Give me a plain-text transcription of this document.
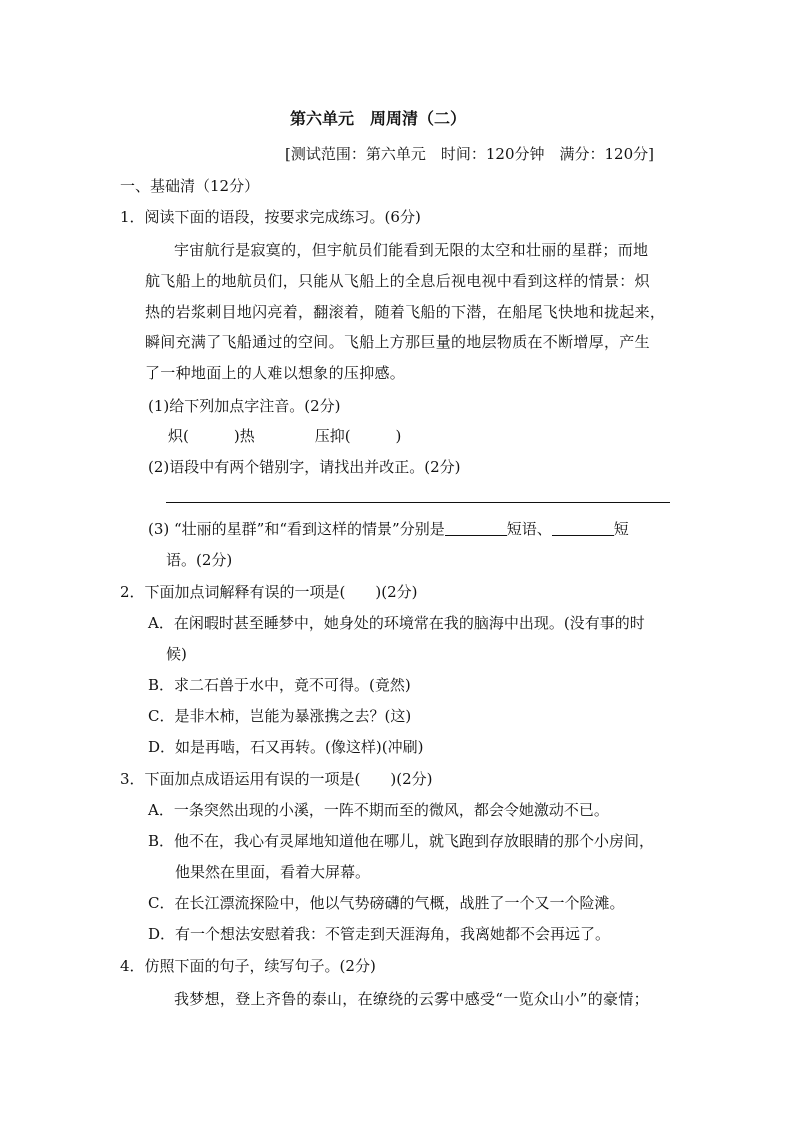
第六单元　周周清（二）
[测试范围：第六单元　时间：120分钟　满分：120分]
一、基础清（12分）
1．阅读下面的语段，按要求完成练习。(6分)
宇宙航行是寂寞的，但宇航员们能看到无限的太空和壮丽的星群；而地
航飞船上的地航员们，只能从飞船上的全息后视电视中看到这样的情景：炽
热的岩浆刺目地闪亮着，翻滚着，随着飞船的下潜，在船尾飞快地和拢起来，
瞬间充满了飞船通过的空间。飞船上方那巨量的地层物质在不断增厚，产生
了一种地面上的人难以想象的压抑感。
(1)给下列加点字注音。(2分)
炽(　　　)热　　　　压抑(　　　)
(2)语段中有两个错别字，请找出并改正。(2分)
(3) “壮丽的星群”和“看到这样的情景”分别是	短语、	短
语。(2分)
2．下面加点词解释有误的一项是(　　)(2分)
A．在闲暇时甚至睡梦中，她身处的环境常在我的脑海中出现。(没有事的时
候)
B．求二石兽于水中，竟不可得。(竟然)
C．是非木柿，岂能为暴涨携之去？(这)
D．如是再啮，石又再转。(像这样)(冲刷)
3．下面加点成语运用有误的一项是(　　)(2分)
A．一条突然出现的小溪，一阵不期而至的微风，都会令她激动不已。
B．他不在，我心有灵犀地知道他在哪儿，就飞跑到存放眼睛的那个小房间，
他果然在里面，看着大屏幕。
C．在长江漂流探险中，他以气势磅礴的气概，战胜了一个又一个险滩。
D．有一个想法安慰着我：不管走到天涯海角，我离她都不会再远了。
4．仿照下面的句子，续写句子。(2分)
我梦想，登上齐鲁的泰山，在缭绕的云雾中感受“一览众山小”的豪情；
